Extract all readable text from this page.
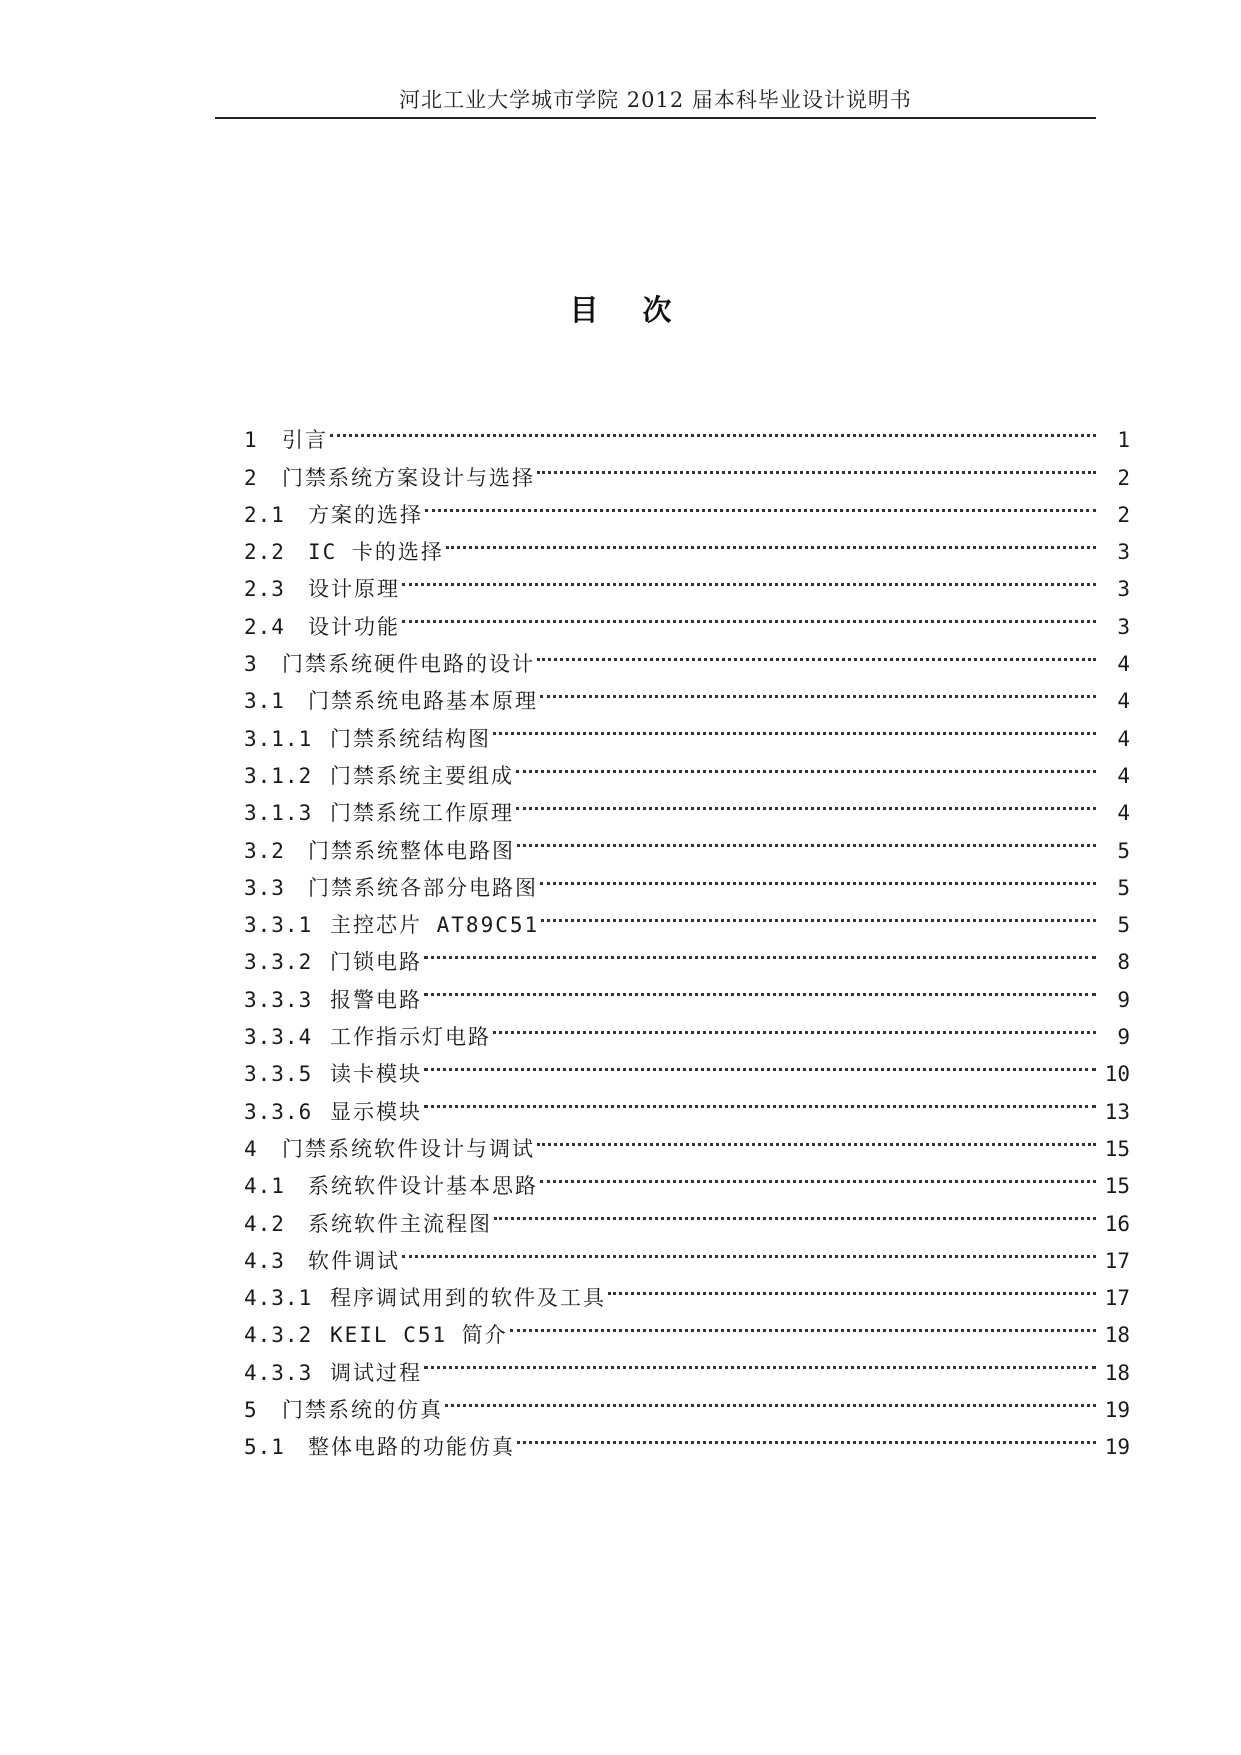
河北工业大学城市学院 2012 届本科毕业设计说明书
目次
1	引言	1
2	门禁系统方案设计与选择	2
2.1	方案的选择	2
2.2	IC 卡的选择	3
2.3	设计原理	3
2.4	设计功能	3
3	门禁系统硬件电路的设计	4
3.1	门禁系统电路基本原理	4
3.1.1 门禁系统结构图	4
3.1.2 门禁系统主要组成	4
3.1.3 门禁系统工作原理	4
3.2	门禁系统整体电路图	5
3.3	门禁系统各部分电路图	5
3.3.1 主控芯片 AT89C51	5
3.3.2 门锁电路	8
3.3.3 报警电路	9
3.3.4 工作指示灯电路	9
3.3.5 读卡模块	10
3.3.6 显示模块	13
4	门禁系统软件设计与调试	15
4.1	系统软件设计基本思路	15
4.2	系统软件主流程图	16
4.3	软件调试	17
4.3.1 程序调试用到的软件及工具	17
4.3.2 KEIL C51 简介	18
4.3.3 调试过程	18
5	门禁系统的仿真	19
5.1	整体电路的功能仿真	19
